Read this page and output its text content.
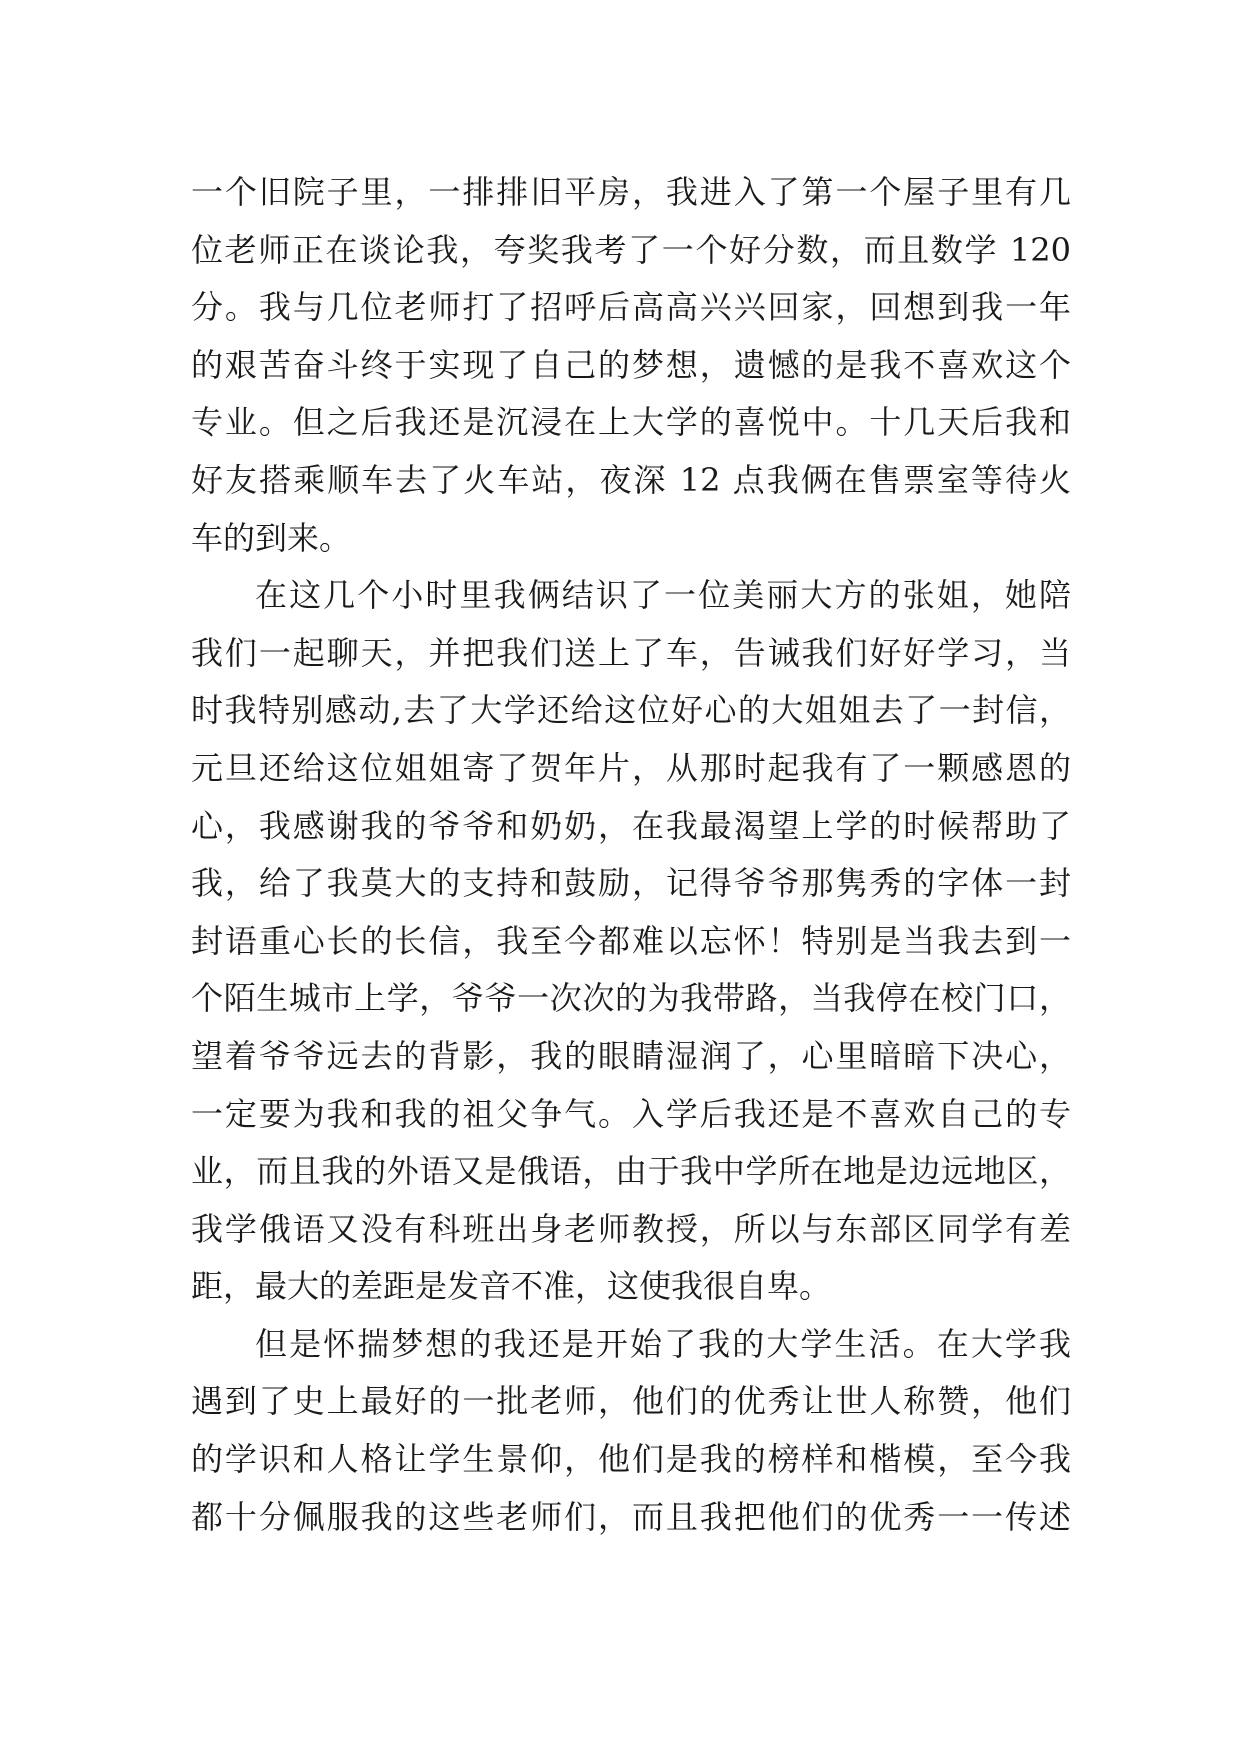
一个旧院子里，一排排旧平房，我进入了第一个屋子里有几
位老师正在谈论我，夸奖我考了一个好分数，而且数学 120
分。我与几位老师打了招呼后高高兴兴回家，回想到我一年
的艰苦奋斗终于实现了自己的梦想，遗憾的是我不喜欢这个
专业。但之后我还是沉浸在上大学的喜悦中。十几天后我和
好友搭乘顺车去了火车站，夜深 12 点我俩在售票室等待火
车的到来。
在这几个小时里我俩结识了一位美丽大方的张姐，她陪
我们一起聊天，并把我们送上了车，告诫我们好好学习，当
时我特别感动,去了大学还给这位好心的大姐姐去了一封信，
元旦还给这位姐姐寄了贺年片，从那时起我有了一颗感恩的
心，我感谢我的爷爷和奶奶，在我最渴望上学的时候帮助了
我，给了我莫大的支持和鼓励，记得爷爷那隽秀的字体一封
封语重心长的长信，我至今都难以忘怀！特别是当我去到一
个陌生城市上学，爷爷一次次的为我带路，当我停在校门口，
望着爷爷远去的背影，我的眼睛湿润了，心里暗暗下决心，
一定要为我和我的祖父争气。入学后我还是不喜欢自己的专
业，而且我的外语又是俄语，由于我中学所在地是边远地区，
我学俄语又没有科班出身老师教授，所以与东部区同学有差
距，最大的差距是发音不准，这使我很自卑。
但是怀揣梦想的我还是开始了我的大学生活。在大学我
遇到了史上最好的一批老师，他们的优秀让世人称赞，他们
的学识和人格让学生景仰，他们是我的榜样和楷模，至今我
都十分佩服我的这些老师们，而且我把他们的优秀一一传述
